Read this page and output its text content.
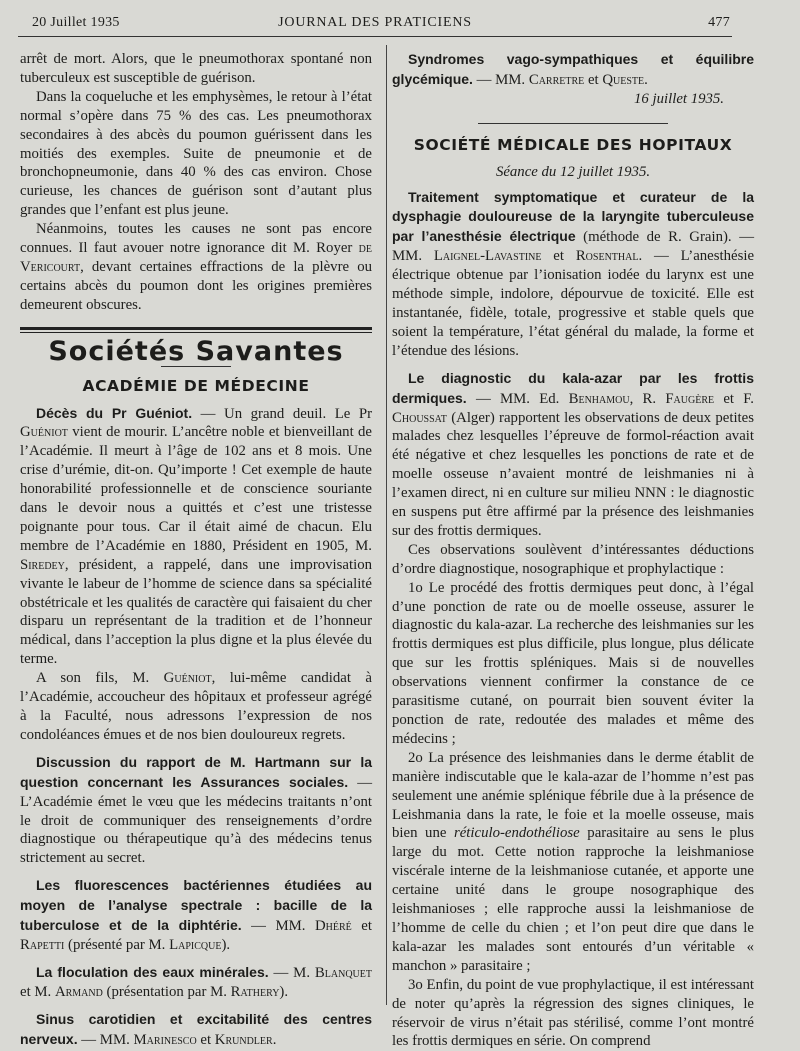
20 Juillet 1935	JOURNAL DES PRATICIENS	477

arrêt de mort. Alors, que le pneumothorax spontané non tuberculeux est susceptible de guérison.

Dans la coqueluche et les emphysèmes, le retour à l’état normal s’opère dans 75 % des cas. Les pneumothorax secondaires à des abcès du poumon guérissent dans les moitiés des exemples. Suite de pneumonie et de bronchopneumonie, dans 40 % des cas environ. Chose curieuse, les chances de guérison sont d’autant plus grandes que l’enfant est plus jeune.

Néanmoins, toutes les causes ne sont pas encore connues. Il faut avouer notre ignorance dit M. Royer de Vericourt, devant certaines effractions de la plèvre ou certains abcès du poumon dont les origines premières demeurent obscures.

Sociétés Savantes
ACADÉMIE DE MÉDECINE

Décès du Pr Guéniot. — Un grand deuil. Le Pr Guéniot vient de mourir. L’ancêtre noble et bienveillant de l’Académie. Il meurt à l’âge de 102 ans et 8 mois. Une crise d’urémie, dit-on. Qu’importe ! Cet exemple de haute honorabilité professionnelle et de conscience souriante dans le devoir nous a quittés et c’est une tristesse poignante pour tous. Car il était aimé de chacun. Elu membre de l’Académie en 1880, Président en 1905, M. Siredey, président, a rappelé, dans une improvisation vivante le labeur de l’homme de science dans sa spécialité obstétricale et les qualités de caractère qui faisaient du cher disparu un représentant de la tradition et de l’honneur médical, dans l’acception la plus digne et la plus élevée du terme.

A son fils, M. Guéniot, lui-même candidat à l’Académie, accoucheur des hôpitaux et professeur agrégé à la Faculté, nous adressons l’expression de nos condoléances émues et de nos bien douloureux regrets.

Discussion du rapport de M. Hartmann sur la question concernant les Assurances sociales. — L’Académie émet le vœu que les médecins traitants n’ont le droit de communiquer des renseignements d’ordre diagnostique ou thérapeutique qu’à des médecins tenus strictement au secret.

Les fluorescences bactériennes étudiées au moyen de l’analyse spectrale : bacille de la tuberculose et de la diphtérie. — MM. Dhéré et Rapetti (présenté par M. Lapicque).

La floculation des eaux minérales. — M. Blanquet et M. Armand (présentation par M. Rathery).

Sinus carotidien et excitabilité des centres nerveux. — MM. Marinesco et Krundler.

Syndromes vago-sympathiques et équilibre glycémique. — MM. Carretre et Queste.

16 juillet 1935.
SOCIÉTÉ MÉDICALE DES HOPITAUX
Séance du 12 juillet 1935.

Traitement symptomatique et curateur de la dysphagie douloureuse de la laryngite tuberculeuse par l’anesthésie électrique (méthode de R. Grain). — MM. Laignel-Lavastine et Rosenthal. — L’anesthésie électrique obtenue par l’ionisation iodée du larynx est une méthode simple, indolore, dépourvue de toxicité. Elle est instantanée, fidèle, totale, progressive et stable quels que soient la température, l’état général du malade, la forme et l’étendue des lésions.

Le diagnostic du kala-azar par les frottis dermiques. — MM. Ed. Benhamou, R. Faugère et F. Choussat (Alger) rapportent les observations de deux petites malades chez lesquelles l’épreuve de formol-réaction avait été négative et chez lesquelles les ponctions de rate et de moelle osseuse n’avaient montré de leishmanies ni à l’examen direct, ni en culture sur milieu NNN : le diagnostic en suspens put être affirmé par la présence des leishmanies sur des frottis dermiques.

Ces observations soulèvent d’intéressantes déductions d’ordre diagnostique, nosographique et prophylactique :

1o Le procédé des frottis dermiques peut donc, à l’égal d’une ponction de rate ou de moelle osseuse, assurer le diagnostic du kala-azar. La recherche des leishmanies sur les frottis dermiques est plus difficile, plus longue, plus délicate que sur les frottis spléniques. Mais si de nouvelles observations viennent confirmer la constance de ce parasitisme cutané, on pourrait bien souvent éviter la ponction de rate, redoutée des malades et même des médecins ;

2o La présence des leishmanies dans le derme établit de manière indiscutable que le kala-azar de l’homme n’est pas seulement une anémie splénique fébrile due à la présence de Leishmania dans la rate, le foie et la moelle osseuse, mais bien une réticulo-endothéliose parasitaire au sens le plus large du mot. Cette notion rapproche la leishmaniose viscérale interne de la leishmaniose cutanée, et apporte une certaine unité dans le groupe nosographique des leishmanioses ; elle rapproche aussi la leishmaniose de l’homme de celle du chien ; et l’on peut dire que dans le kala-azar les malades sont entourés d’un véritable « manchon » parasitaire ;

3o Enfin, du point de vue prophylactique, il est intéressant de noter qu’après la régression des signes cliniques, le réservoir de virus n’était pas stérilisé, comme l’ont montré les frottis dermiques en série. On comprend
